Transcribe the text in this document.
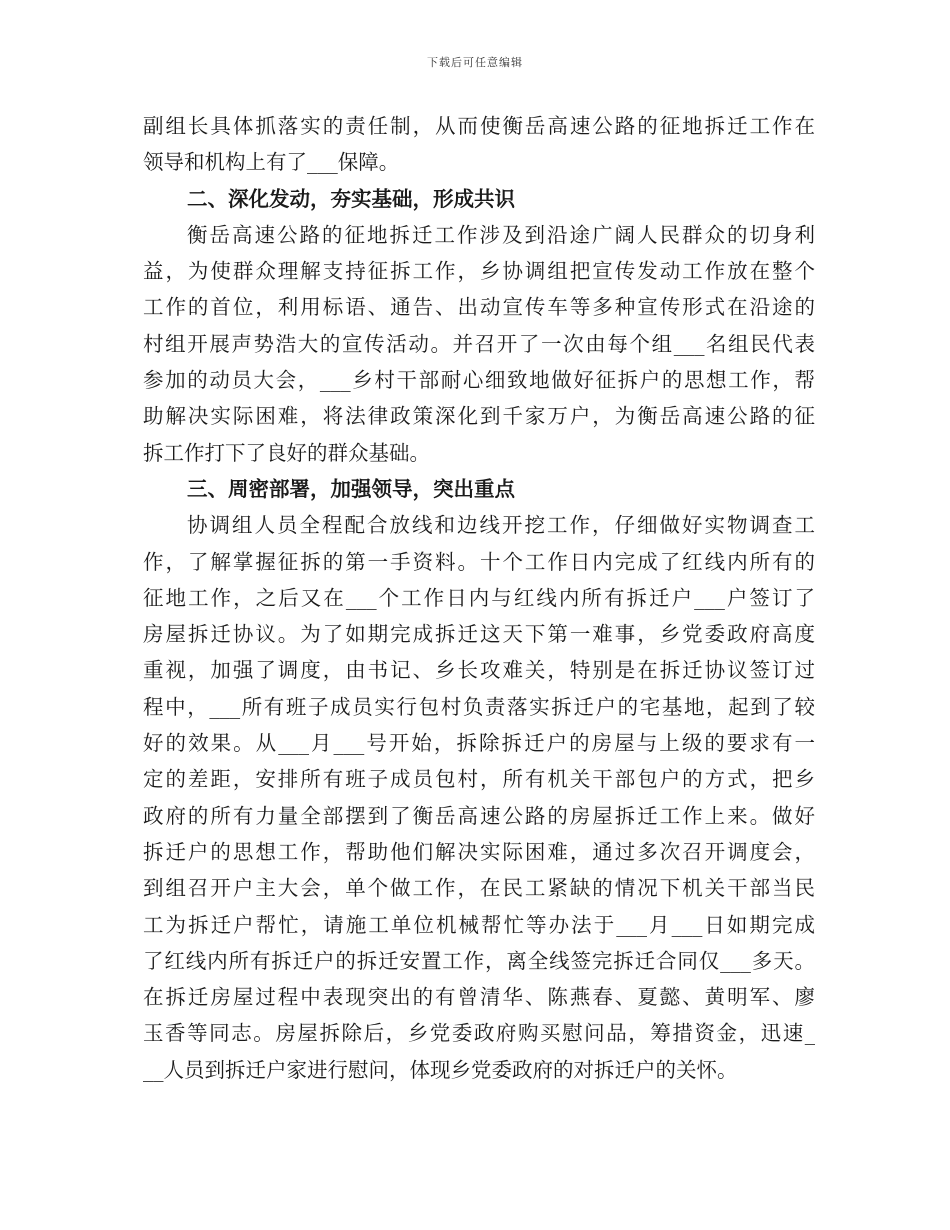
下载后可任意编辑
副组长具体抓落实的责任制，从而使衡岳高速公路的征地拆迁工作在
领导和机构上有了___保障。
二、深化发动，夯实基础，形成共识
衡岳高速公路的征地拆迁工作涉及到沿途广阔人民群众的切身利
益，为使群众理解支持征拆工作，乡协调组把宣传发动工作放在整个
工作的首位，利用标语、通告、出动宣传车等多种宣传形式在沿途的
村组开展声势浩大的宣传活动。并召开了一次由每个组___名组民代表
参加的动员大会，___乡村干部耐心细致地做好征拆户的思想工作，帮
助解决实际困难，将法律政策深化到千家万户，为衡岳高速公路的征
拆工作打下了良好的群众基础。
三、周密部署，加强领导，突出重点
协调组人员全程配合放线和边线开挖工作，仔细做好实物调查工
作，了解掌握征拆的第一手资料。十个工作日内完成了红线内所有的
征地工作，之后又在___个工作日内与红线内所有拆迁户___户签订了
房屋拆迁协议。为了如期完成拆迁这天下第一难事，乡党委政府高度
重视，加强了调度，由书记、乡长攻难关，特别是在拆迁协议签订过
程中，___所有班子成员实行包村负责落实拆迁户的宅基地，起到了较
好的效果。从___月___号开始，拆除拆迁户的房屋与上级的要求有一
定的差距，安排所有班子成员包村，所有机关干部包户的方式，把乡
政府的所有力量全部摆到了衡岳高速公路的房屋拆迁工作上来。做好
拆迁户的思想工作，帮助他们解决实际困难，通过多次召开调度会，
到组召开户主大会，单个做工作，在民工紧缺的情况下机关干部当民
工为拆迁户帮忙，请施工单位机械帮忙等办法于___月___日如期完成
了红线内所有拆迁户的拆迁安置工作，离全线签完拆迁合同仅___多天。
在拆迁房屋过程中表现突出的有曾清华、陈燕春、夏懿、黄明军、廖
玉香等同志。房屋拆除后，乡党委政府购买慰问品，筹措资金，迅速_
__人员到拆迁户家进行慰问，体现乡党委政府的对拆迁户的关怀。
